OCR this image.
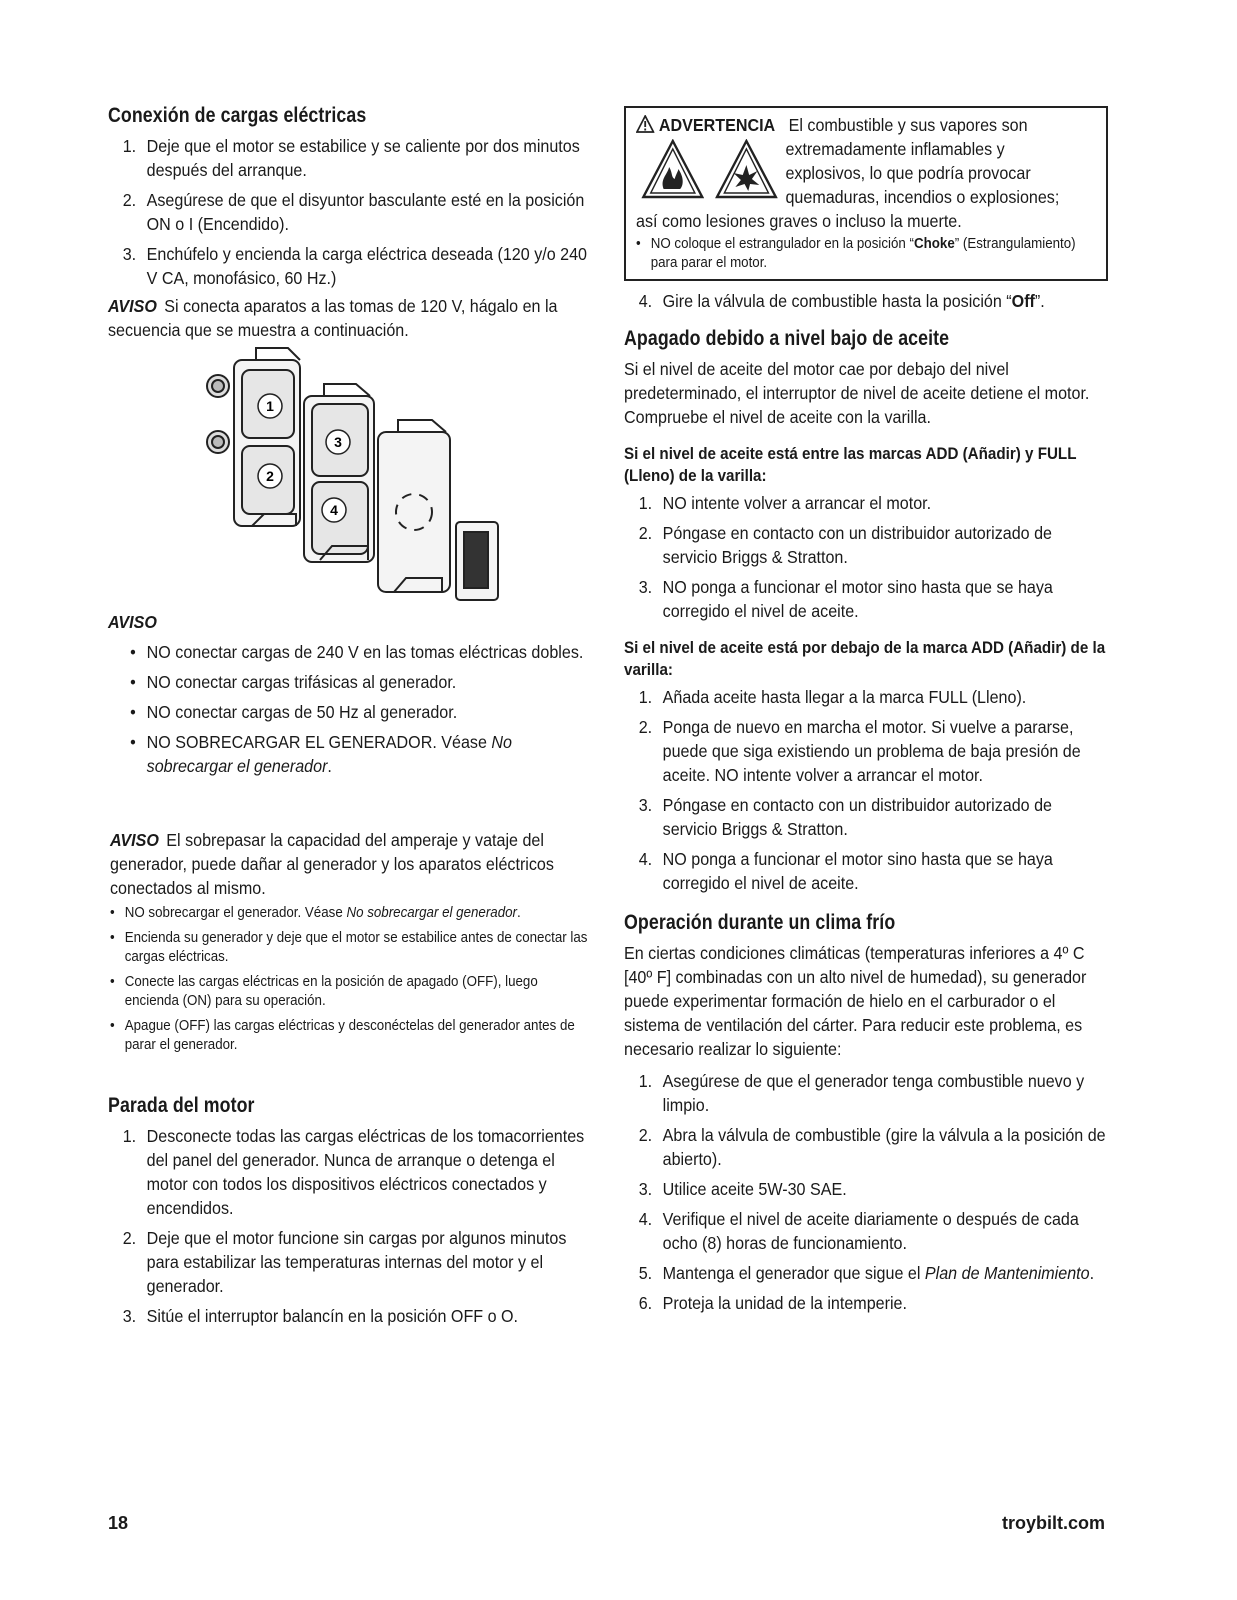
Conexión de cargas eléctricas
1. Deje que el motor se estabilice y se caliente por dos minutos después del arranque.
2. Asegúrese de que el disyuntor basculante esté en la posición ON o I (Encendido).
3. Enchúfelo y encienda la carga eléctrica deseada (120 y/o 240 V CA, monofásico, 60 Hz.)

AVISO Si conecta aparatos a las tomas de 120 V, hágalo en la secuencia que se muestra a continuación.

1
2
3
4

AVISO

• NO conectar cargas de 240 V en las tomas eléctricas dobles.
• NO conectar cargas trifásicas al generador.
• NO conectar cargas de 50 Hz al generador.
• NO SOBRECARGAR EL GENERADOR. Véase No sobrecargar el generador.

AVISO El sobrepasar la capacidad del amperaje y vataje del generador, puede dañar al generador y los aparatos eléctricos conectados al mismo.

• NO sobrecargar el generador. Véase No sobrecargar el generador.
• Encienda su generador y deje que el motor se estabilice antes de conectar las cargas eléctricas.
• Conecte las cargas eléctricas en la posición de apagado (OFF), luego encienda (ON) para su operación.
• Apague (OFF) las cargas eléctricas y desconéctelas del generador antes de parar el generador.
Parada del motor
1. Desconecte todas las cargas eléctricas de los tomacorrientes del panel del generador. Nunca de arranque o detenga el motor con todos los dispositivos eléctricos conectados y encendidos.
2. Deje que el motor funcione sin cargas por algunos minutos para estabilizar las temperaturas internas del motor y el generador.
3. Sitúe el interruptor balancín en la posición OFF o O.
ADVERTENCIA El combustible y sus vapores son

extremadamente inflamables y

explosivos, lo que podría provocar

quemaduras, incendios o explosiones;

así como lesiones graves o incluso la muerte.

• NO coloque el estrangulador en la posición “Choke” (Estrangulamiento) para parar el motor.
4. Gire la válvula de combustible hasta la posición “Off”.
Apagado debido a nivel bajo de aceite

Si el nivel de aceite del motor cae por debajo del nivel predeterminado, el interruptor de nivel de aceite detiene el motor. Compruebe el nivel de aceite con la varilla.

Si el nivel de aceite está entre las marcas ADD (Añadir) y FULL (Lleno) de la varilla:

1. NO intente volver a arrancar el motor.
2. Póngase en contacto con un distribuidor autorizado de servicio Briggs & Stratton.
3. NO ponga a funcionar el motor sino hasta que se haya corregido el nivel de aceite.

Si el nivel de aceite está por debajo de la marca ADD (Añadir) de la varilla:

1. Añada aceite hasta llegar a la marca FULL (Lleno).
2. Ponga de nuevo en marcha el motor. Si vuelve a pararse, puede que siga existiendo un problema de baja presión de aceite. NO intente volver a arrancar el motor.
3. Póngase en contacto con un distribuidor autorizado de servicio Briggs & Stratton.
4. NO ponga a funcionar el motor sino hasta que se haya corregido el nivel de aceite.
Operación durante un clima frío

En ciertas condiciones climáticas (temperaturas inferiores a 4º C [40º F] combinadas con un alto nivel de humedad), su generador puede experimentar formación de hielo en el carburador o el sistema de ventilación del cárter. Para reducir este problema, es necesario realizar lo siguiente:

1. Asegúrese de que el generador tenga combustible nuevo y limpio.
2. Abra la válvula de combustible (gire la válvula a la posición de abierto).
3. Utilice aceite 5W-30 SAE.
4. Verifique el nivel de aceite diariamente o después de cada ocho (8) horas de funcionamiento.
5. Mantenga el generador que sigue el Plan de Mantenimiento.
6. Proteja la unidad de la intemperie.
18	troybilt.com
